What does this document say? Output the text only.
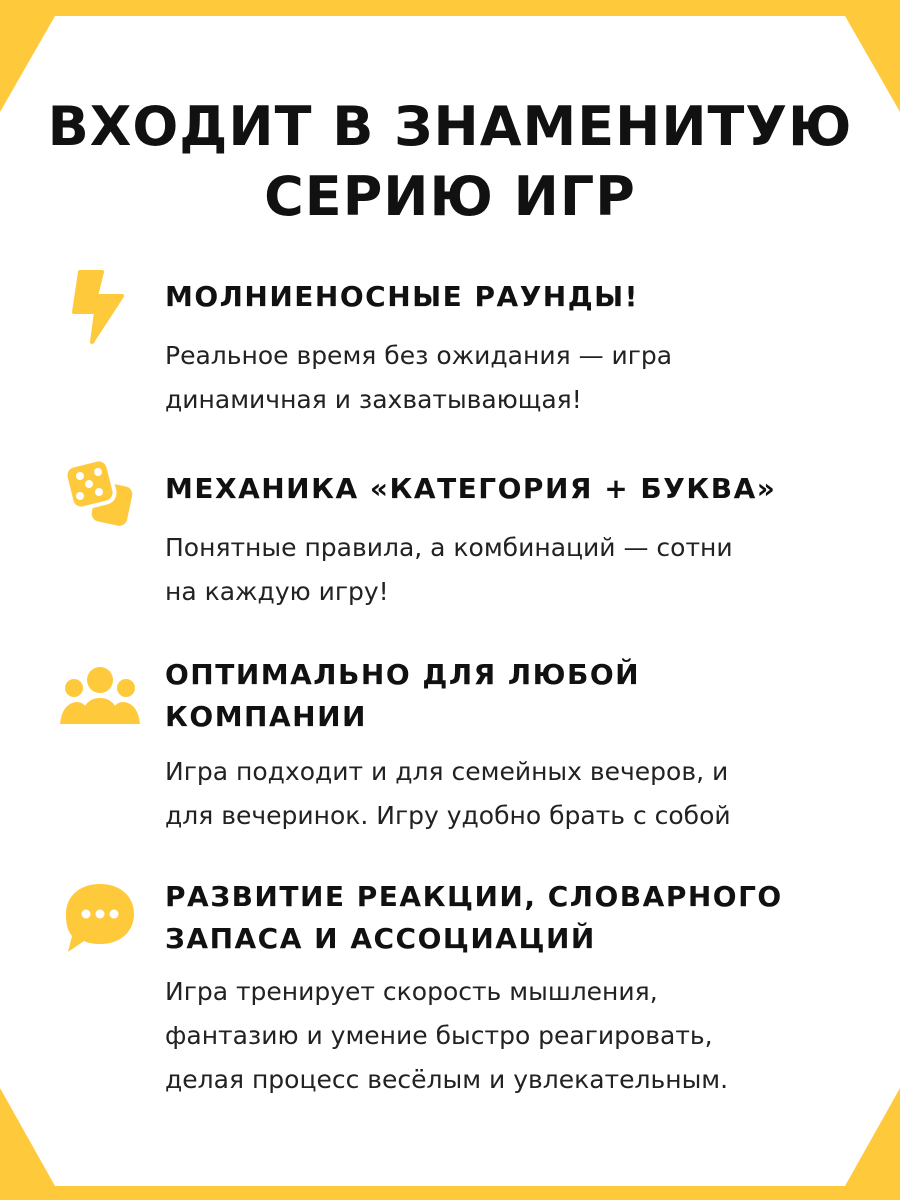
ВХОДИТ В ЗНАМЕНИТУЮ
СЕРИЮ ИГР
МОЛНИЕНОСНЫЕ РАУНДЫ!

Реальное время без ожидания — игра
динамичная и захватывающая!

МЕХАНИКА «КАТЕГОРИЯ + БУКВА»

Понятные правила, а комбинаций — сотни
на каждую игру!

ОПТИМАЛЬНО ДЛЯ ЛЮБОЙ
КОМПАНИИ

Игра подходит и для семейных вечеров, и
для вечеринок. Игру удобно брать с собой

РАЗВИТИЕ РЕАКЦИИ, СЛОВАРНОГО
ЗАПАСА И АССОЦИАЦИЙ

Игра тренирует скорость мышления,
фантазию и умение быстро реагировать,
делая процесс весёлым и увлекательным.
